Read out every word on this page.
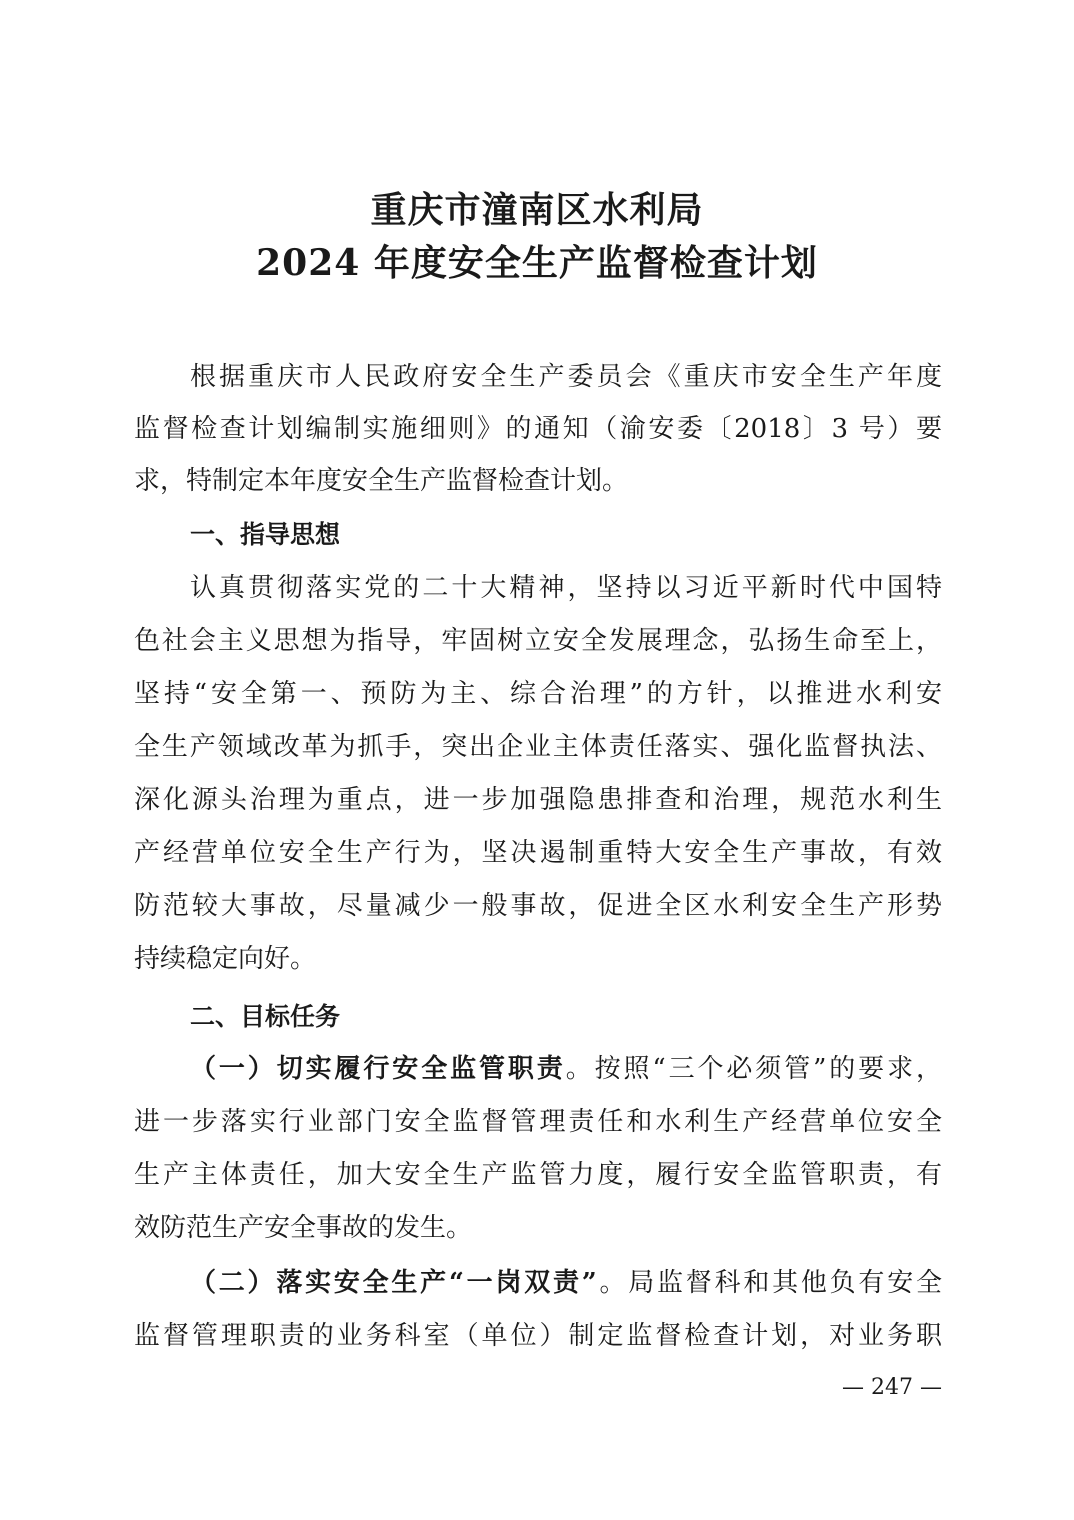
重庆市潼南区水利局
2024 年度安全生产监督检查计划
根据重庆市人民政府安全生产委员会《重庆市安全生产年度
监督检查计划编制实施细则》的通知（渝安委〔2018〕3 号）要
求，特制定本年度安全生产监督检查计划。
一、指导思想
认真贯彻落实党的二十大精神，坚持以习近平新时代中国特
色社会主义思想为指导，牢固树立安全发展理念，弘扬生命至上，
坚持“安全第一、预防为主、综合治理”的方针，以推进水利安
全生产领域改革为抓手，突出企业主体责任落实、强化监督执法、
深化源头治理为重点，进一步加强隐患排查和治理，规范水利生
产经营单位安全生产行为，坚决遏制重特大安全生产事故，有效
防范较大事故，尽量减少一般事故，促进全区水利安全生产形势
持续稳定向好。
二、目标任务
（一）切实履行安全监管职责。按照“三个必须管”的要求，
进一步落实行业部门安全监督管理责任和水利生产经营单位安全
生产主体责任，加大安全生产监管力度，履行安全监管职责，有
效防范生产安全事故的发生。
（二）落实安全生产“一岗双责”。局监督科和其他负有安全
监督管理职责的业务科室（单位）制定监督检查计划，对业务职
— 247 —
